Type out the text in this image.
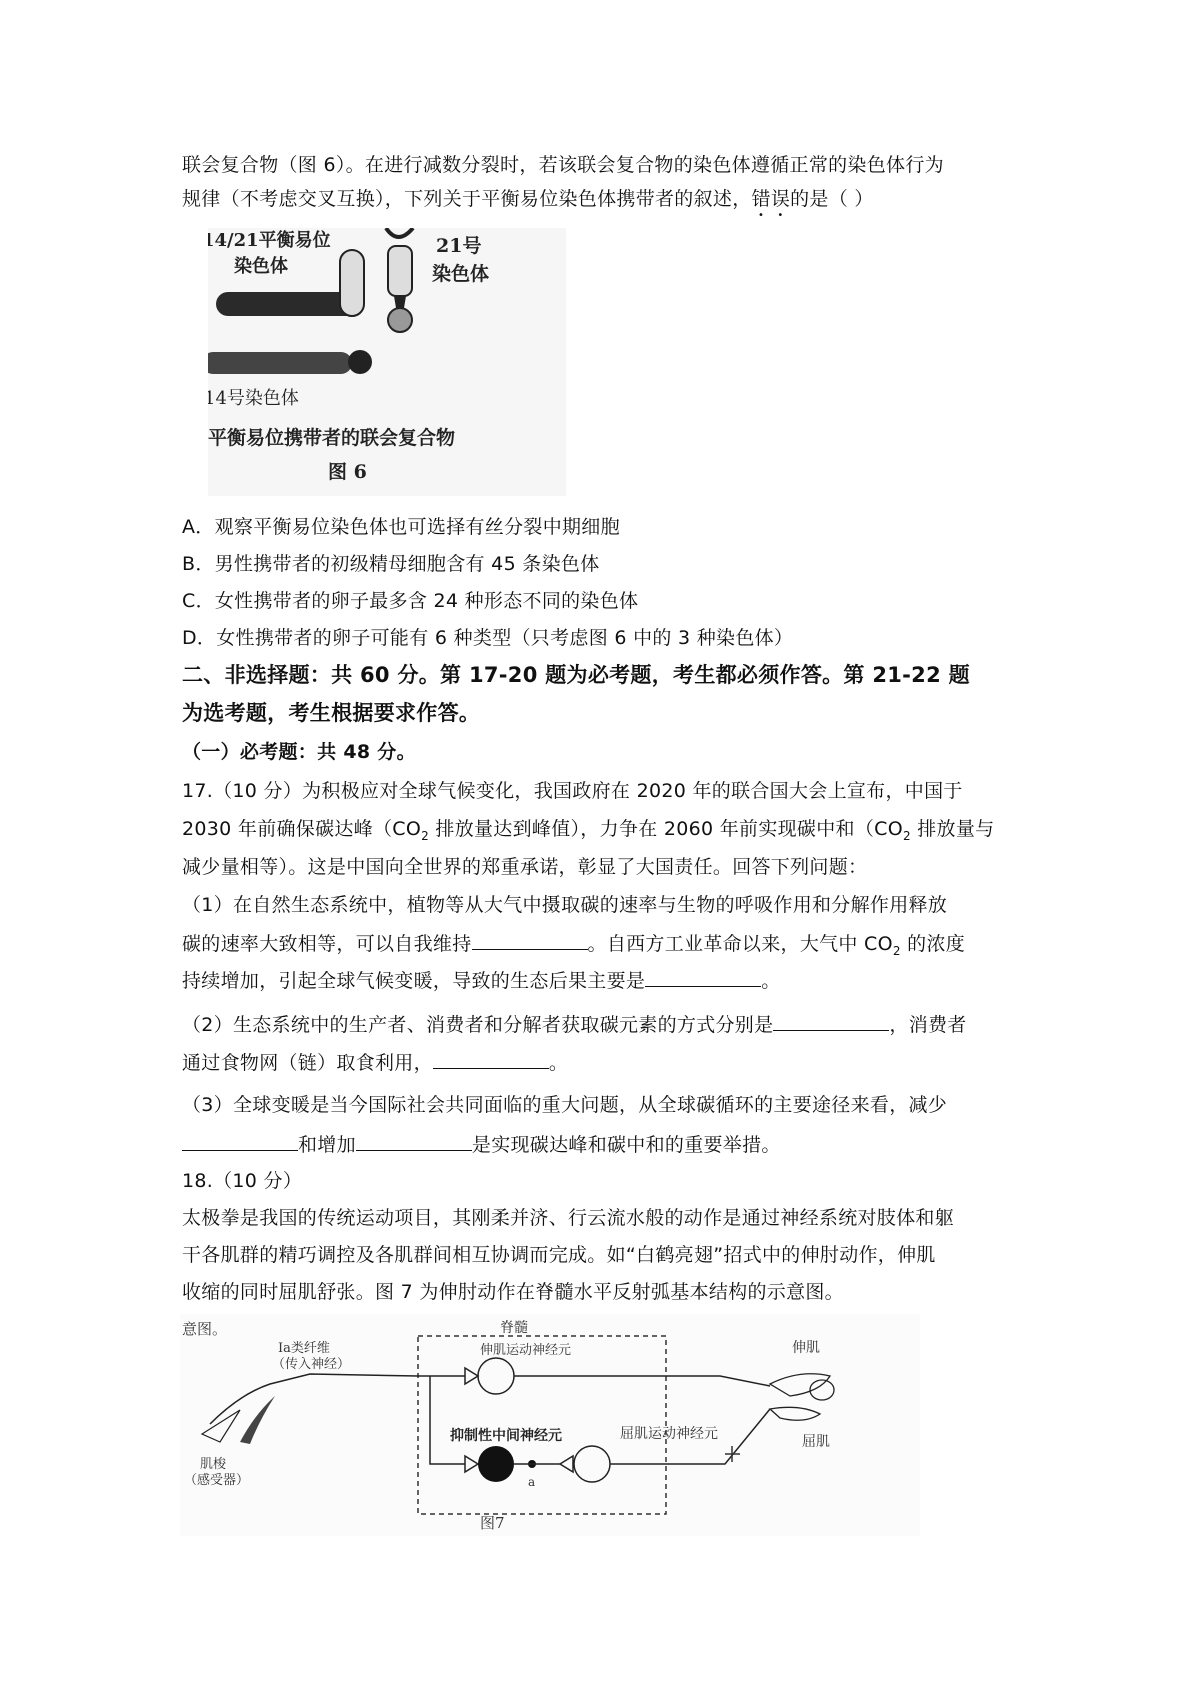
联会复合物（图 6）。在进行减数分裂时，若该联会复合物的染色体遵循正常的染色体行为
规律（不考虑交叉互换），下列关于平衡易位染色体携带者的叙述，错误的是（ ）
14/21平衡易位
染色体
21号
染色体
14号染色体
平衡易位携带者的联会复合物
图 6
A．观察平衡易位染色体也可选择有丝分裂中期细胞
B．男性携带者的初级精母细胞含有 45 条染色体
C．女性携带者的卵子最多含 24 种形态不同的染色体
D．女性携带者的卵子可能有 6 种类型（只考虑图 6 中的 3 种染色体）
二、非选择题：共 60 分。第 17-20 题为必考题，考生都必须作答。第 21-22 题
为选考题，考生根据要求作答。
（一）必考题：共 48 分。
17.（10 分）为积极应对全球气候变化，我国政府在 2020 年的联合国大会上宣布，中国于
2030 年前确保碳达峰（$CO_2$ 排放量达到峰值），力争在 2060 年前实现碳中和（$CO_2$ 排放量与
减少量相等）。这是中国向全世界的郑重承诺，彰显了大国责任。回答下列问题：
（1）在自然生态系统中，植物等从大气中摄取碳的速率与生物的呼吸作用和分解作用释放
碳的速率大致相等，可以自我维持	。自西方工业革命以来，大气中 $CO_2$ 的浓度
持续增加，引起全球气候变暖，导致的生态后果主要是	。
（2）生态系统中的生产者、消费者和分解者获取碳元素的方式分别是	，消费者
通过食物网（链）取食利用，	。
（3）全球变暖是当今国际社会共同面临的重大问题，从全球碳循环的主要途径来看，减少
和增加	是实现碳达峰和碳中和的重要举措。
18.（10 分）
太极拳是我国的传统运动项目，其刚柔并济、行云流水般的动作是通过神经系统对肢体和躯
干各肌群的精巧调控及各肌群间相互协调而完成。如“白鹤亮翅”招式中的伸肘动作，伸肌
收缩的同时屈肌舒张。图 7 为伸肘动作在脊髓水平反射弧基本结构的示意图。
意图。	脊髓
Ia类纤维
（传入神经）
肌梭
（感受器）	a
伸肌运动神经元
抑制性中间神经元	屈肌运动神经元
伸肌
屈肌
图7
